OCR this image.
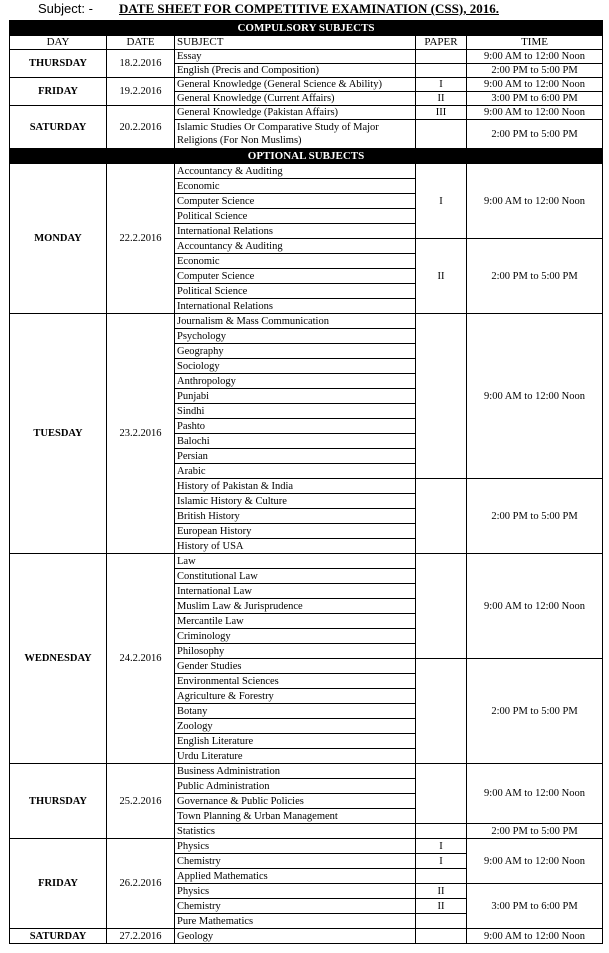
Subject: - DATE SHEET FOR COMPETITIVE EXAMINATION (CSS), 2016.
COMPULSORY SUBJECTS				
DAY	DATE	SUBJECT	PAPER	TIME
THURSDAY	18.2.2016	Essay		9:00 AM to 12:00 Noon
		English (Precis and Composition)		2:00 PM to 5:00 PM
FRIDAY	19.2.2016	General Knowledge (General Science & Ability)	I	9:00 AM to 12:00 Noon
		General Knowledge (Current Affairs)	II	3:00 PM to 6:00 PM
SATURDAY	20.2.2016	General Knowledge (Pakistan Affairs)	III	9:00 AM to 12:00 Noon
		Islamic Studies Or Comparative Study of Major Religions (For Non Muslims)		2:00 PM to 5:00 PM
OPTIONAL SUBJECTS				
MONDAY	22.2.2016	Accountancy & Auditing	I	9:00 AM to 12:00 Noon
		Economic		
		Computer Science		
		Political Science		
		International Relations		
		Accountancy & Auditing	II	2:00 PM to 5:00 PM
		Economic		
		Computer Science		
		Political Science		
		International Relations		
TUESDAY	23.2.2016	Journalism & Mass Communication		9:00 AM to 12:00 Noon
		Psychology		
		Geography		
		Sociology		
		Anthropology		
		Punjabi		
		Sindhi		
		Pashto		
		Balochi		
		Persian		
		Arabic		
		History of Pakistan & India		2:00 PM to 5:00 PM
		Islamic History & Culture		
		British History		
		European History		
		History of USA		
WEDNESDAY	24.2.2016	Law		9:00 AM to 12:00 Noon
		Constitutional Law		
		International Law		
		Muslim Law & Jurisprudence		
		Mercantile Law		
		Criminology		
		Philosophy		
		Gender Studies		2:00 PM to 5:00 PM
		Environmental Sciences		
		Agriculture & Forestry		
		Botany		
		Zoology		
		English Literature		
		Urdu Literature		
THURSDAY	25.2.2016	Business Administration		9:00 AM to 12:00 Noon
		Public Administration		
		Governance & Public Policies		
		Town Planning & Urban Management		
		Statistics		2:00 PM to 5:00 PM
FRIDAY	26.2.2016	Physics	I	9:00 AM to 12:00 Noon
		Chemistry	I	
		Applied Mathematics		
		Physics	II	3:00 PM to 6:00 PM
		Chemistry	II	
		Pure Mathematics		
SATURDAY	27.2.2016	Geology		9:00 AM to 12:00 Noon
